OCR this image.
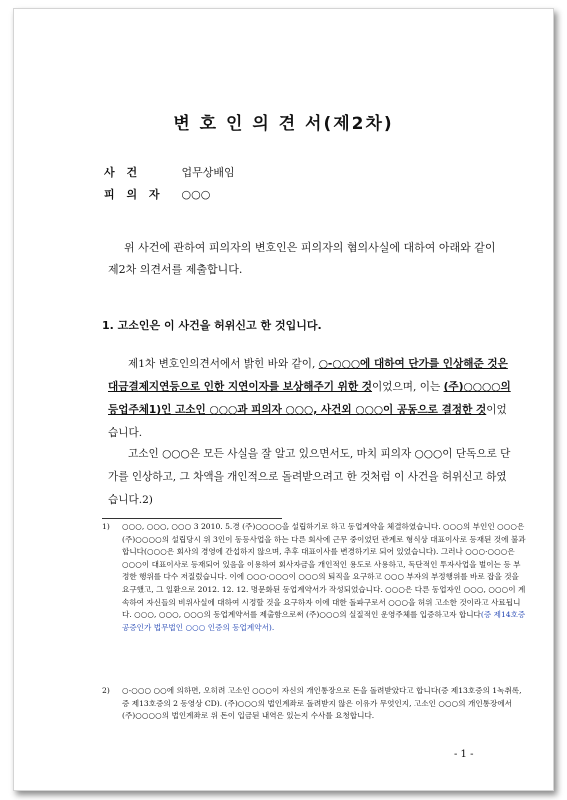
변 호 인 의 견 서(제2차)
사 건	업무상배임
피 의 자 ○○○
위 사건에 관하여 피의자의 변호인은 피의자의 혐의사실에 대하여 아래와 같이 제2차 의견서를 제출합니다.
1. 고소인은 이 사건을 허위신고 한 것입니다.
제1차 변호인의견서에서 밝힌 바와 같이, ○-○○○에 대하여 단가를 인상해준 것은 대금결제지연등으로 인한 지연이자를 보상해주기 위한 것이었으며, 이는 (주)○○○○의 등업주체1)인 고소인 ○○○과 피의자 ○○○, 사건외 ○○○이 공동으로 결정한 것이었습니다.
고소인 ○○○은 모든 사실을 잘 알고 있으면서도, 마치 피의자 ○○○이 단독으로 단가를 인상하고, 그 차액을 개인적으로 돌려받으려고 한 것처럼 이 사건을 허위신고 하였습니다.2)
1) ○○○, ○○○, ○○○ 3 2010. 5.경 (주)○○○○을 설립하기로 하고 동업계약을 체결하였습니다. ○○○의 부인인 ○○○은 (주)○○○○의 설립당시 위 3인이 동등사업을 하는 다른 회사에 근무 중이었던 관계로 형식상 대표이사로 등재된 것에 불과합니다(○○○은 회사의 경영에 간섭하지 않으며, 추후 대표이사를 변경하기로 되어 있었습니다). 그러나 ○○○·○○○은 ○○○이 대표이사로 등재되어 있음을 이용하여 회사자금을 개인적인 용도로 사용하고, 독단적인 투자사업을 벌이는 등 부정한 행위를 다수 저질렀습니다. 이에 ○○○·○○○이 ○○○의 퇴직을 요구하고 ○○○ 부자의 부정행위를 바로 잡을 것을 요구했고, 그 일환으로 2012. 12. 12. 명문화된 동업계약서가 작성되었습니다. ○○○은 다른 동업자인 ○○○, ○○○이 계속하여 자신들의 비위사실에 대하여 시정할 것을 요구하자 이에 대한 돌파구로서 ○○○을 허위 고소한 것이라고 사료됩니다. ○○○, ○○○, ○○○의 동업계약서를 제출함으로써 (주)○○○의 실질적인 운영주체를 입증하고자 합니다(증 제14호증 공증인가 법무법인 ○○○ 인증의 동업계약서).
2) ○-○○○ ○○에 의하면, 오히려 고소인 ○○○이 자신의 개인통장으로 돈을 돌려받았다고 합니다(증 제13호증의 1녹취록, 증 제13호증의 2 동영상 CD). (주)○○○의 법인계좌로 돌려받지 않은 이유가 무엇인지, 고소인 ○○○의 개인통장에서 (주)○○○○의 법인계좌로 위 돈이 입금된 내역은 있는지 수사를 요청합니다.
- 1 -
